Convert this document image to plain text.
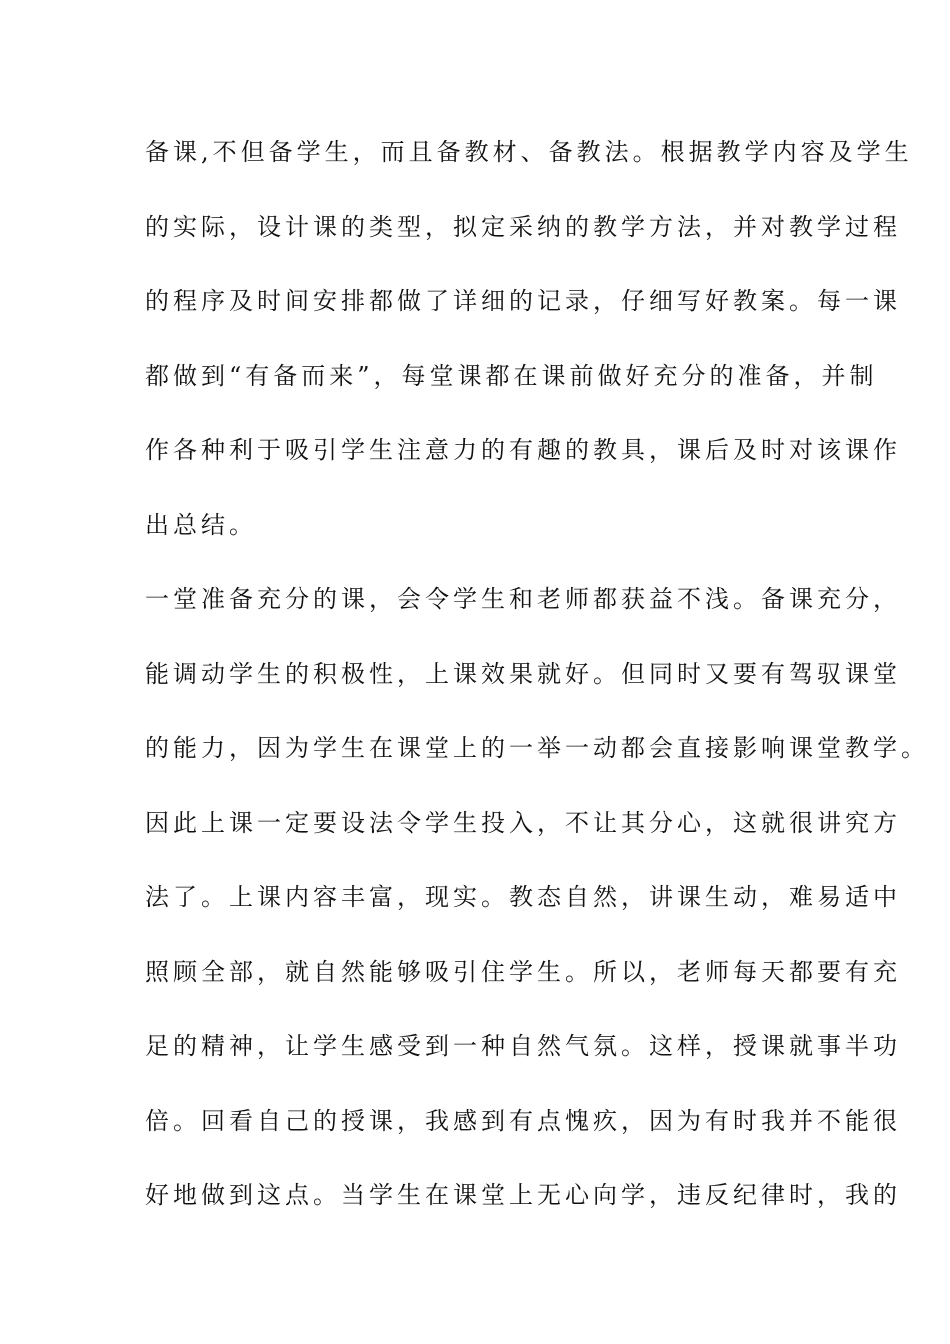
备课,不但备学生，而且备教材、备教法。根据教学内容及学生
的实际，设计课的类型，拟定采纳的教学方法，并对教学过程
的程序及时间安排都做了详细的记录，仔细写好教案。每一课
都做到“有备而来”，每堂课都在课前做好充分的准备，并制
作各种利于吸引学生注意力的有趣的教具，课后及时对该课作
出总结。
一堂准备充分的课，会令学生和老师都获益不浅。备课充分，
能调动学生的积极性，上课效果就好。但同时又要有驾驭课堂
的能力，因为学生在课堂上的一举一动都会直接影响课堂教学。
因此上课一定要设法令学生投入，不让其分心，这就很讲究方
法了。上课内容丰富，现实。教态自然，讲课生动，难易适中
照顾全部，就自然能够吸引住学生。所以，老师每天都要有充
足的精神，让学生感受到一种自然气氛。这样，授课就事半功
倍。回看自己的授课，我感到有点愧疚，因为有时我并不能很
好地做到这点。当学生在课堂上无心向学，违反纪律时，我的
